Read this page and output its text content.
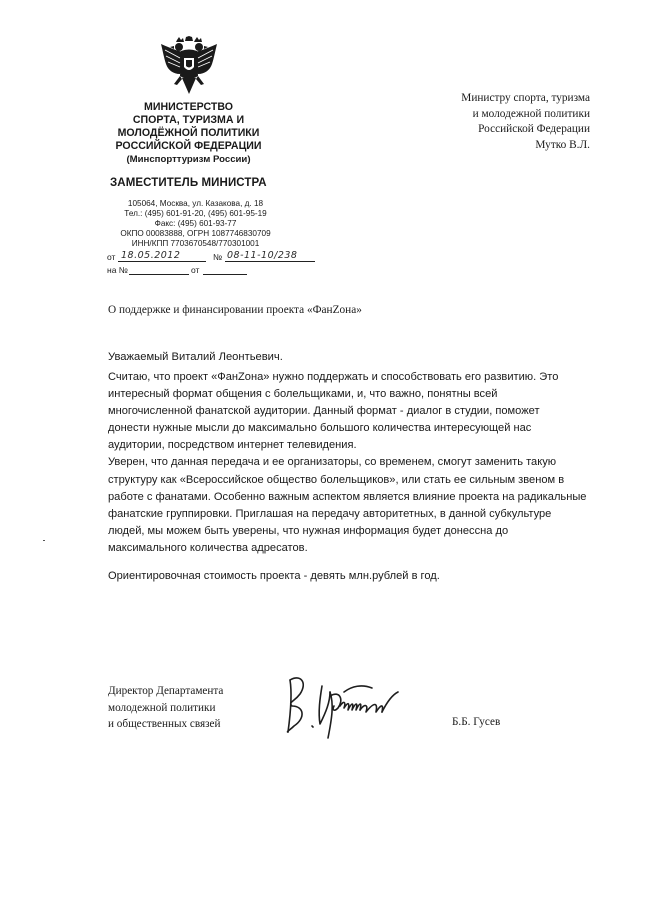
МИНИСТЕРСТВО
СПОРТА, ТУРИЗМА И
МОЛОДЁЖНОЙ ПОЛИТИКИ
РОССИЙСКОЙ ФЕДЕРАЦИИ
(Минспорттуризм России)
ЗАМЕСТИТЕЛЬ МИНИСТРА
105064, Москва, ул. Казакова, д. 18
Тел.: (495) 601-91-20, (495) 601-95-19
Факс: (495) 601-93-77
ОКПО 00083888, ОГРН 1087746830709
ИНН/КПП 7703670548/770301001
от 18.05.2012	№ 08-11-10/238
на №	от
Министру спорта, туризма
и молодежной политики
Российской Федерации
Мутко В.Л.
О поддержке и финансировании проекта «ФанZона»
Уважаемый Виталий Леонтьевич.
Считаю, что проект «ФанZона» нужно поддержать и способствовать его развитию. Это
интересный формат общения с болельщиками, и, что важно, понятны всей
многочисленной фанатской аудитории. Данный формат - диалог в студии, поможет
донести нужные мысли до максимально большого количества интересующей нас
аудитории, посредством интернет телевидения.
Уверен, что данная передача и ее организаторы, со временем, смогут заменить такую
структуру как «Всероссийское общество болельщиков», или стать ее сильным звеном в
работе с фанатами. Особенно важным аспектом является влияние проекта на радикальные
фанатские группировки. Приглашая на передачу авторитетных, в данной субкультуре
людей, мы можем быть уверены, что нужная информация будет донессна до
максимального количества адресатов.
Ориентировочная стоимость проекта - девять млн.рублей в год.
Директор Департамента
молодежной политики
и общественных связей	Б.Б. Гусев
